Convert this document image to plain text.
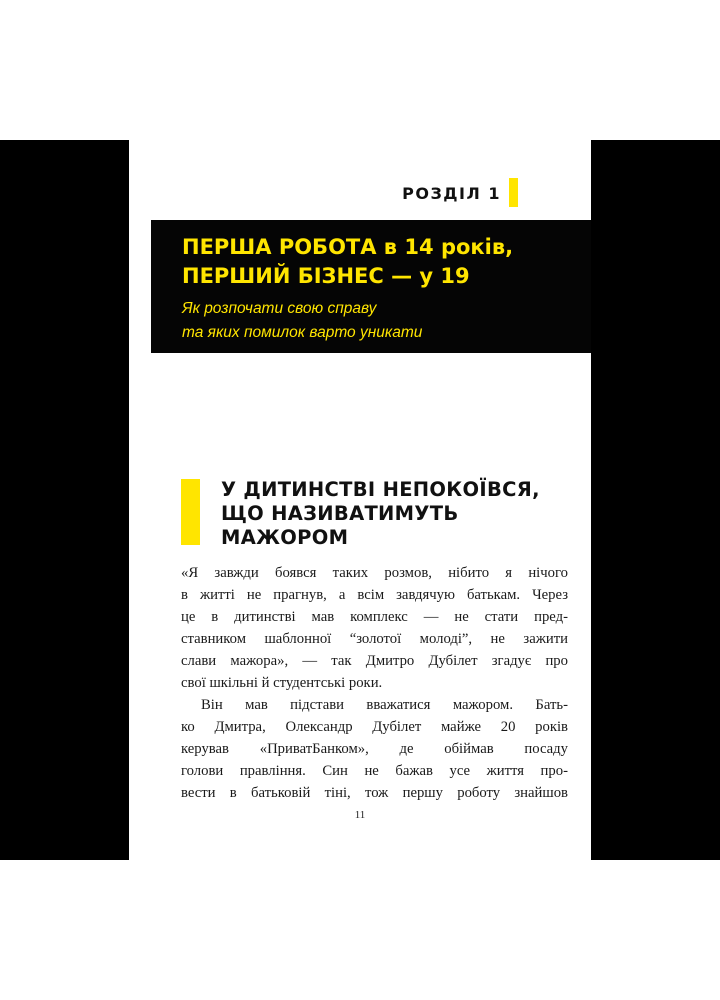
РОЗДІЛ 1
ПЕРША РОБОТА в 14 років,
ПЕРШИЙ БІЗНЕС — у 19
Як розпочати свою справу
та яких помилок варто уникати
У ДИТИНСТВІ НЕПОКОЇВСЯ,
ЩО НАЗИВАТИМУТЬ
МАЖОРОМ
«Я завжди боявся таких розмов, нібито я нічого
в житті не прагнув, а всім завдячую батькам. Через
це в дитинстві мав комплекс — не стати пред-
ставником шаблонної “золотої молоді”, не зажити
слави мажора», — так Дмитро Дубілет згадує про
свої шкільні й студентські роки.
Він мав підстави вважатися мажором. Бать-
ко Дмитра, Олександр Дубілет майже 20 років
керував «ПриватБанком», де обіймав посаду
голови правління. Син не бажав усе життя про-
вести в батьковій тіні, тож першу роботу знайшов
11
